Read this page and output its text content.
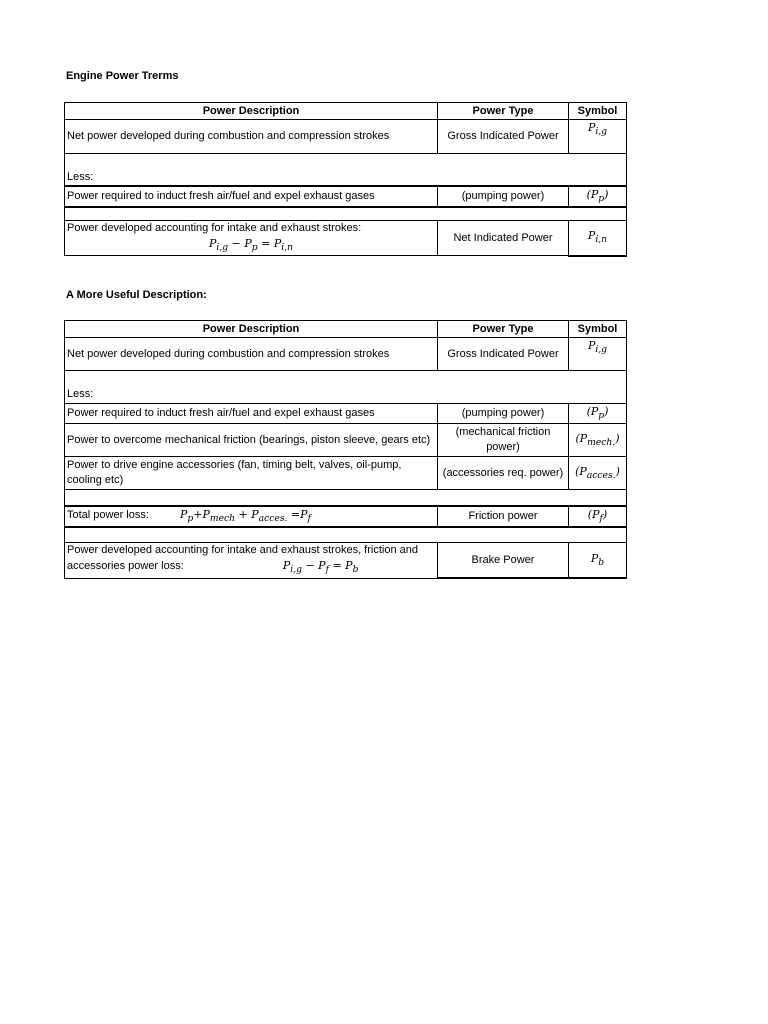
Engine Power Trerms
Power Description	Power Type	Symbol
Net power developed during combustion and compression strokes	Gross Indicated Power	$P_{i,g}$

Less:		
Power required to induct fresh air/fuel and expel exhaust gases	(pumping power)	$(P_p)$

Power developed accounting for intake and exhaust strokes:
$P_{i,g} - P_p = P_{i,n}$	Net Indicated Power	$P_{i,n}$
A More Useful Description:
Power Description	Power Type	Symbol
Net power developed during combustion and compression strokes	Gross Indicated Power	$P_{i,g}$

Less:		
Power required to induct fresh air/fuel and expel exhaust gases	(pumping power)	$(P_p)$
Power to overcome mechanical friction (bearings, piston sleeve, gears etc)	(mechanical friction power)	$(P_{mech.})$
Power to drive engine accessories (fan, timing belt, valves, oil-pump, cooling etc)	(accessories req. power)	$(P_{acces.})$

Total power loss: $P_p+P_{mech} + P_{acces.} =P_f$	Friction power	$(P_f)$

Power developed accounting for intake and exhaust strokes, friction and accessories power loss: $P_{i,g} - P_f = P_b$	Brake Power	$P_b$
